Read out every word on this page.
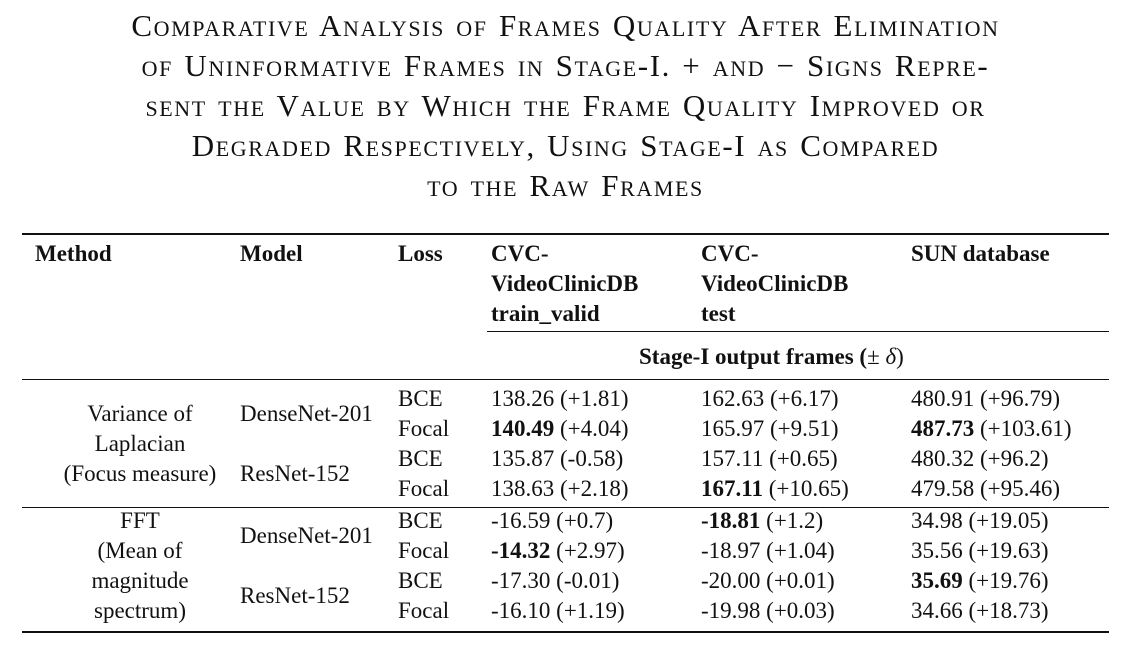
Comparative Analysis of Frames Quality After Elimination
of Uninformative Frames in Stage-I. + and − Signs Repre-
sent the Value by Which the Frame Quality Improved or
Degraded Respectively, Using Stage-I as Compared
to the Raw Frames
Method	Model	Loss CVC-
VideoClinicDB
train_valid
CVC-
VideoClinicDB
test
SUN database
Stage-I output frames (± δ)
Variance of
Laplacian
(Focus measure)
DenseNet-201
ResNet-152
BCE
Focal
BCE
Focal
138.26 (+1.81)
140.49 (+4.04)
135.87 (-0.58)
138.63 (+2.18)
162.63 (+6.17)
165.97 (+9.51)
157.11 (+0.65)
167.11 (+10.65)
480.91 (+96.79)
487.73 (+103.61)
480.32 (+96.2)
479.58 (+95.46)
FFT
(Mean of
magnitude
spectrum)
DenseNet-201
ResNet-152
BCE
Focal
BCE
Focal
-16.59 (+0.7)
-14.32 (+2.97)
-17.30 (-0.01)
-16.10 (+1.19)
-18.81 (+1.2)
-18.97 (+1.04)
-20.00 (+0.01)
-19.98 (+0.03)
34.98 (+19.05)
35.56 (+19.63)
35.69 (+19.76)
34.66 (+18.73)
